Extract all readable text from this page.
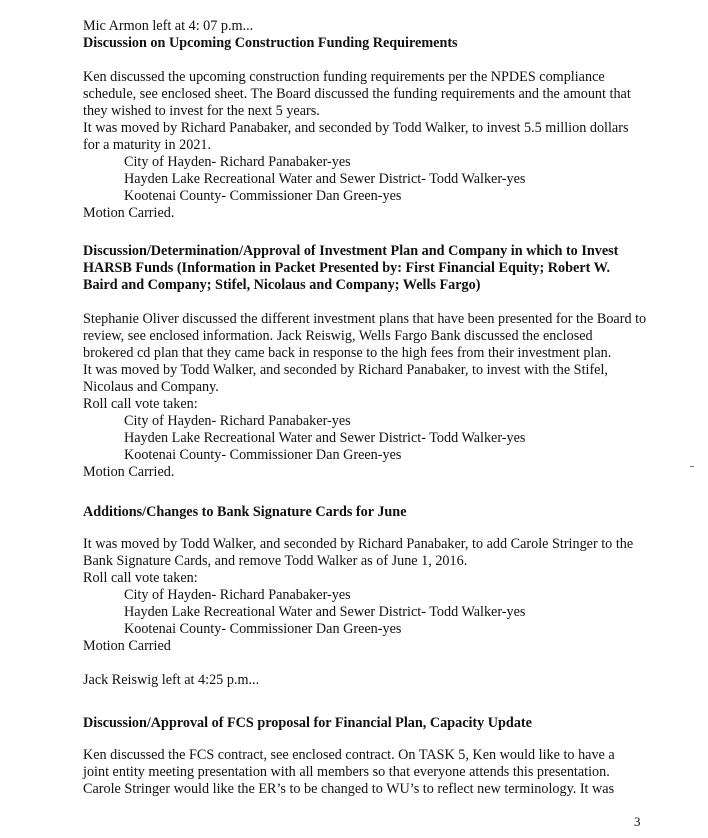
Mic Armon left at 4: 07 p.m...

Discussion on Upcoming Construction Funding Requirements

Ken discussed the upcoming construction funding requirements per the NPDES compliance

schedule, see enclosed sheet. The Board discussed the funding requirements and the amount that

they wished to invest for the next 5 years.

It was moved by Richard Panabaker, and seconded by Todd Walker, to invest 5.5 million dollars

for a maturity in 2021.

City of Hayden- Richard Panabaker-yes

Hayden Lake Recreational Water and Sewer District- Todd Walker-yes

Kootenai County- Commissioner Dan Green-yes

Motion Carried.

Discussion/Determination/Approval of Investment Plan and Company in which to Invest

HARSB Funds (Information in Packet Presented by: First Financial Equity; Robert W.

Baird and Company; Stifel, Nicolaus and Company; Wells Fargo)

Stephanie Oliver discussed the different investment plans that have been presented for the Board to

review, see enclosed information. Jack Reiswig, Wells Fargo Bank discussed the enclosed

brokered cd plan that they came back in response to the high fees from their investment plan.

It was moved by Todd Walker, and seconded by Richard Panabaker, to invest with the Stifel,

Nicolaus and Company.

Roll call vote taken:

City of Hayden- Richard Panabaker-yes

Hayden Lake Recreational Water and Sewer District- Todd Walker-yes

Kootenai County- Commissioner Dan Green-yes

Motion Carried.

Additions/Changes to Bank Signature Cards for June

It was moved by Todd Walker, and seconded by Richard Panabaker, to add Carole Stringer to the

Bank Signature Cards, and remove Todd Walker as of June 1, 2016.

Roll call vote taken:

City of Hayden- Richard Panabaker-yes

Hayden Lake Recreational Water and Sewer District- Todd Walker-yes

Kootenai County- Commissioner Dan Green-yes

Motion Carried

Jack Reiswig left at 4:25 p.m...

Discussion/Approval of FCS proposal for Financial Plan, Capacity Update

Ken discussed the FCS contract, see enclosed contract. On TASK 5, Ken would like to have a

joint entity meeting presentation with all members so that everyone attends this presentation.

Carole Stringer would like the ER’s to be changed to WU’s to reflect new terminology. It was

3
